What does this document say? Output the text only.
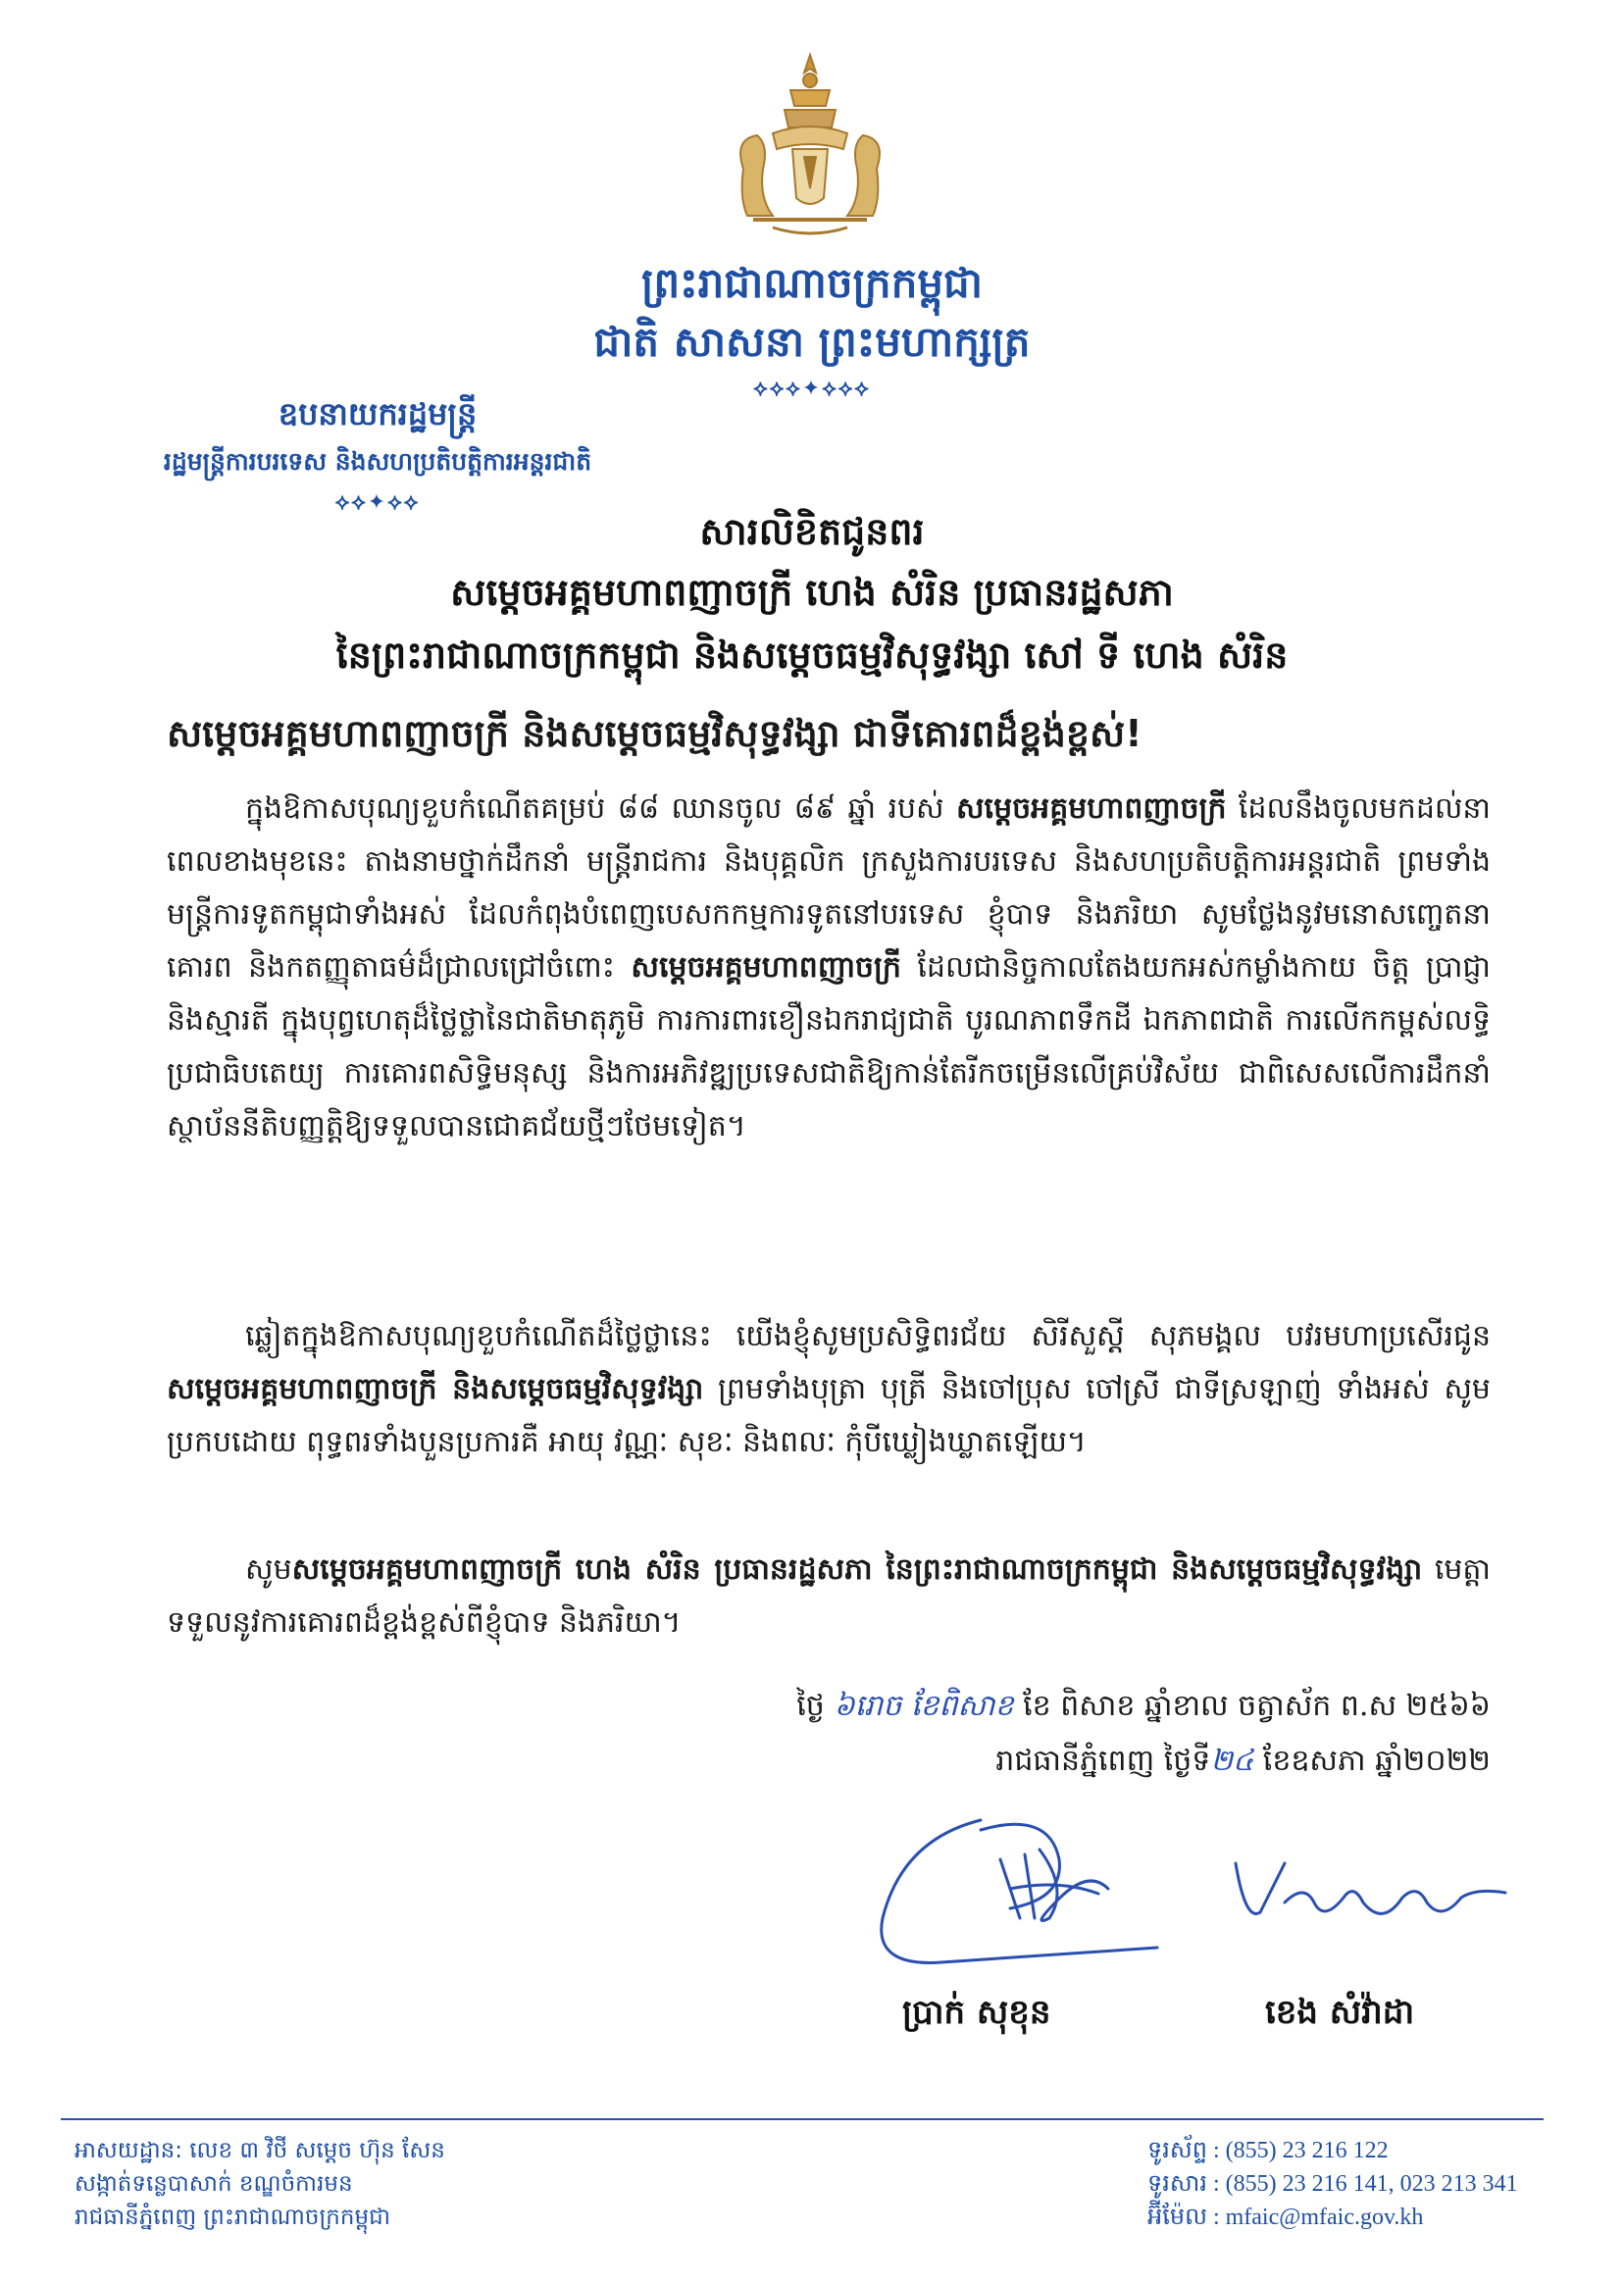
ព្រះរាជាណាចក្រកម្ពុជា
ជាតិ សាសនា ព្រះមហាក្សត្រ
⟡⟡⟡✦⟡⟡⟡
ឧបនាយករដ្ឋមន្ត្រី
រដ្ឋមន្ត្រីការបរទេស និងសហប្រតិបត្តិការអន្តរជាតិ
⟡⟡✦⟡⟡
សារលិខិតជូនពរ
សម្ដេចអគ្គមហាពញាចក្រី ហេង សំរិន ប្រធានរដ្ឋសភា
នៃព្រះរាជាណាចក្រកម្ពុជា និងសម្ដេចធម្មវិសុទ្ធវង្សា សៅ ទី ហេង សំរិន
សម្ដេចអគ្គមហាពញាចក្រី និងសម្ដេចធម្មវិសុទ្ធវង្សា ជាទីគោរពដ៏ខ្ពង់ខ្ពស់!
ក្នុងឱកាសបុណ្យខួបកំណើតគម្រប់ ៨៨ ឈានចូល ៨៩ ឆ្នាំ របស់ សម្ដេចអគ្គមហាពញាចក្រី ដែលនឹងចូលមកដល់នាពេលខាងមុខនេះ តាងនាមថ្នាក់ដឹកនាំ មន្ត្រីរាជការ និងបុគ្គលិក ក្រសួងការបរទេស និងសហប្រតិបត្តិការអន្តរជាតិ ព្រមទាំងមន្ត្រីការទូតកម្ពុជាទាំងអស់ ដែលកំពុងបំពេញបេសកកម្មការទូតនៅបរទេស ខ្ញុំបាទ និងភរិយា សូមថ្លែងនូវមនោសញ្ចេតនាគោរព និងកតញ្ញុតាធម៌ដ៏ជ្រាលជ្រៅចំពោះ សម្ដេចអគ្គមហាពញាចក្រី ដែលជានិច្ចកាលតែងយកអស់កម្លាំងកាយ ចិត្ត ប្រាជ្ញា និងស្មារតី ក្នុងបុព្វហេតុដ៏ថ្លៃថ្លានៃជាតិមាតុភូមិ ការការពារខឿនឯករាជ្យជាតិ បូរណភាពទឹកដី ឯកភាពជាតិ ការលើកកម្ពស់លទ្ធិប្រជាធិបតេយ្យ ការគោរពសិទ្ធិមនុស្ស និងការអភិវឌ្ឍប្រទេសជាតិឱ្យកាន់តែរីកចម្រើនលើគ្រប់វិស័យ ជាពិសេសលើការដឹកនាំស្ថាប័ននីតិបញ្ញត្តិឱ្យទទួលបានជោគជ័យថ្មីៗថែមទៀត។
ឆ្លៀតក្នុងឱកាសបុណ្យខួបកំណើតដ៏ថ្លៃថ្លានេះ យើងខ្ញុំសូមប្រសិទ្ធិពរជ័យ សិរីសួស្តី សុភមង្គល បវរមហាប្រសើរជូន សម្ដេចអគ្គមហាពញាចក្រី និងសម្ដេចធម្មវិសុទ្ធវង្សា ព្រមទាំងបុត្រា បុត្រី និងចៅប្រុស ចៅស្រី ជាទីស្រឡាញ់ ទាំងអស់ សូមប្រកបដោយ ពុទ្ធពរទាំងបួនប្រការគឺ អាយុ វណ្ណៈ សុខៈ និងពលៈ កុំបីឃ្លៀងឃ្លាតឡើយ។
សូមសម្ដេចអគ្គមហាពញាចក្រី ហេង សំរិន ប្រធានរដ្ឋសភា នៃព្រះរាជាណាចក្រកម្ពុជា និងសម្ដេចធម្មវិសុទ្ធវង្សា មេត្តាទទួលនូវការគោរពដ៏ខ្ពង់ខ្ពស់ពីខ្ញុំបាទ និងភរិយា។
ថ្ងៃ ៦រោច ខែពិសាខ ខែ ពិសាខ ឆ្នាំខាល ចត្វាស័ក ព.ស ២៥៦៦
រាជធានីភ្នំពេញ ថ្ងៃទី២៤ ខែឧសភា ឆ្នាំ២០២២
ប្រាក់ សុខុន	ខេង សំវ៉ាដា
អាសយដ្ឋាន: លេខ ៣ វិថី សម្ដេច ហ៊ុន សែន
សង្កាត់ទន្លេបាសាក់ ខណ្ឌចំការមន
រាជធានីភ្នំពេញ ព្រះរាជាណាចក្រកម្ពុជា
ទូរស័ព្ទ : (855) 23 216 122
ទូរសារ : (855) 23 216 141, 023 213 341
អ៊ីម៉ែល : mfaic@mfaic.gov.kh
